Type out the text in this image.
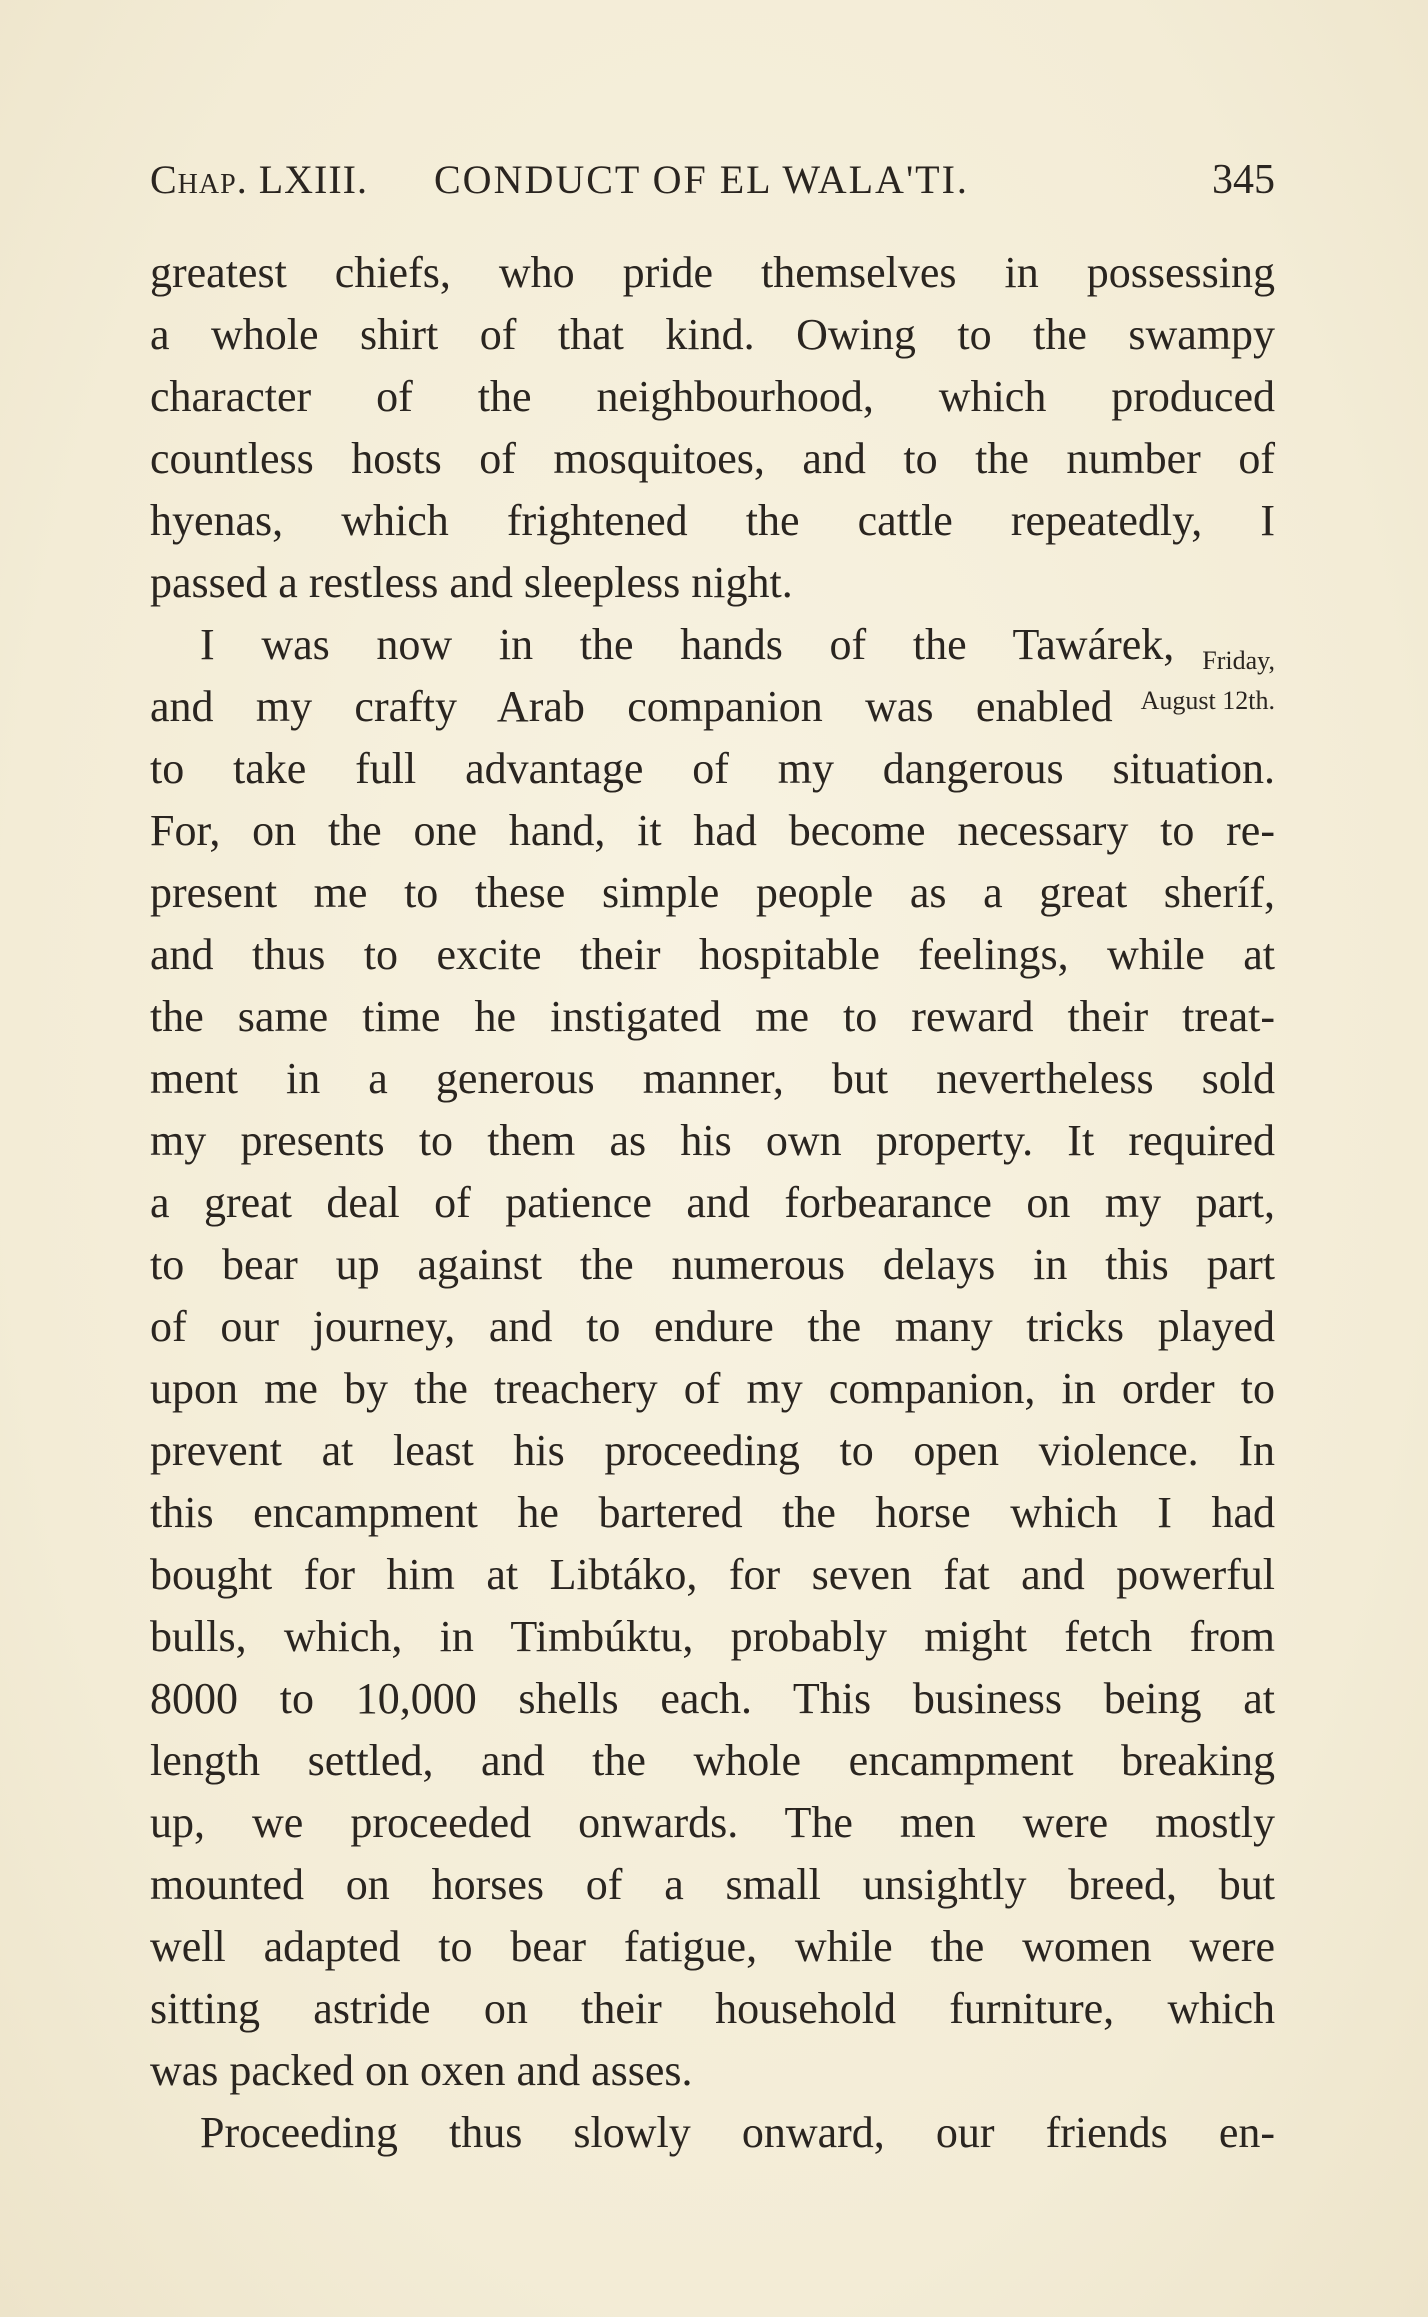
Chap. LXIII. CONDUCT OF EL WALA'TI.	345
greatest chiefs, who pride themselves in possessing
a whole shirt of that kind. Owing to the swampy
character of the neighbourhood, which produced
countless hosts of mosquitoes, and to the number of
hyenas, which frightened the cattle repeatedly, I
passed a restless and sleepless night.
I was now in the hands of the Tawárek,	Friday,
and my crafty Arab companion was enabled	August 12th.
to take full advantage of my dangerous situation.
For, on the one hand, it had become necessary to re-
present me to these simple people as a great sheríf,
and thus to excite their hospitable feelings, while at
the same time he instigated me to reward their treat-
ment in a generous manner, but nevertheless sold
my presents to them as his own property. It required
a great deal of patience and forbearance on my part,
to bear up against the numerous delays in this part
of our journey, and to endure the many tricks played
upon me by the treachery of my companion, in order to
prevent at least his proceeding to open violence. In
this encampment he bartered the horse which I had
bought for him at Libtáko, for seven fat and powerful
bulls, which, in Timbúktu, probably might fetch from
8000 to 10,000 shells each. This business being at
length settled, and the whole encampment breaking
up, we proceeded onwards. The men were mostly
mounted on horses of a small unsightly breed, but
well adapted to bear fatigue, while the women were
sitting astride on their household furniture, which
was packed on oxen and asses.
Proceeding thus slowly onward, our friends en-
